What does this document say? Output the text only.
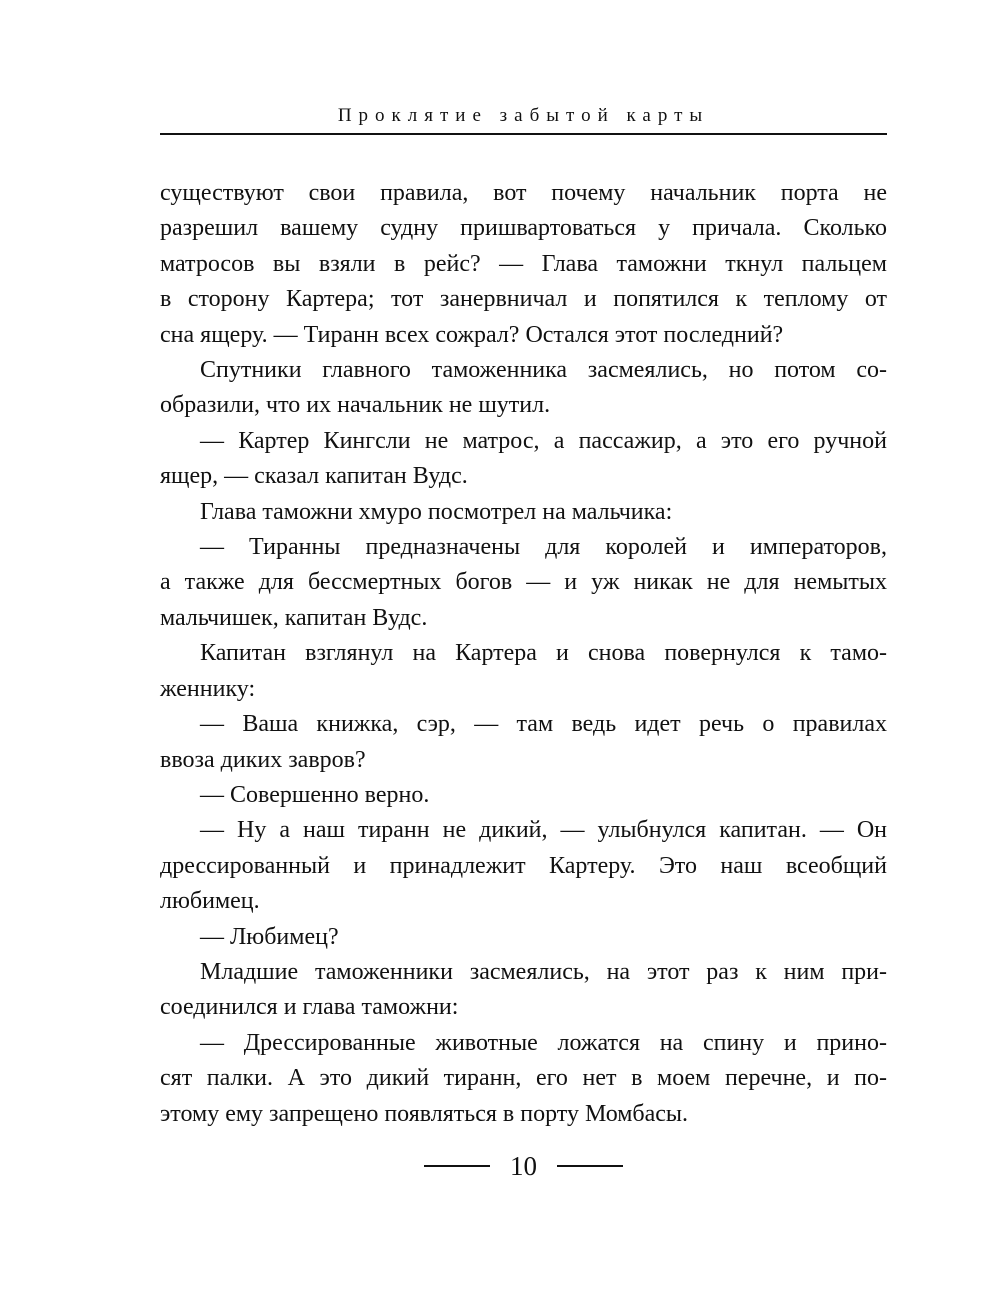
Проклятие забытой карты

существуют свои правила, вот почему начальник порта не

разрешил вашему судну пришвартоваться у причала. Сколько

матросов вы взяли в рейс? — Глава таможни ткнул пальцем

в сторону Картера; тот занервничал и попятился к теплому от

сна ящеру. — Тиранн всех сожрал? Остался этот последний?

Спутники главного таможенника засмеялись, но потом со-

образили, что их начальник не шутил.

— Картер Кингсли не матрос, а пассажир, а это его ручной

ящер, — сказал капитан Вудс.

Глава таможни хмуро посмотрел на мальчика:

— Тиранны предназначены для королей и императоров,

а также для бессмертных богов — и уж никак не для немытых

мальчишек, капитан Вудс.

Капитан взглянул на Картера и снова повернулся к тамо-

женнику:

— Ваша книжка, сэр, — там ведь идет речь о правилах

ввоза диких завров?

— Совершенно верно.

— Ну а наш тиранн не дикий, — улыбнулся капитан. — Он

дрессированный и принадлежит Картеру. Это наш всеобщий

любимец.

— Любимец?

Младшие таможенники засмеялись, на этот раз к ним при-

соединился и глава таможни:

— Дрессированные животные ложатся на спину и прино-

сят палки. А это дикий тиранн, его нет в моем перечне, и по-

этому ему запрещено появляться в порту Момбасы.

10
